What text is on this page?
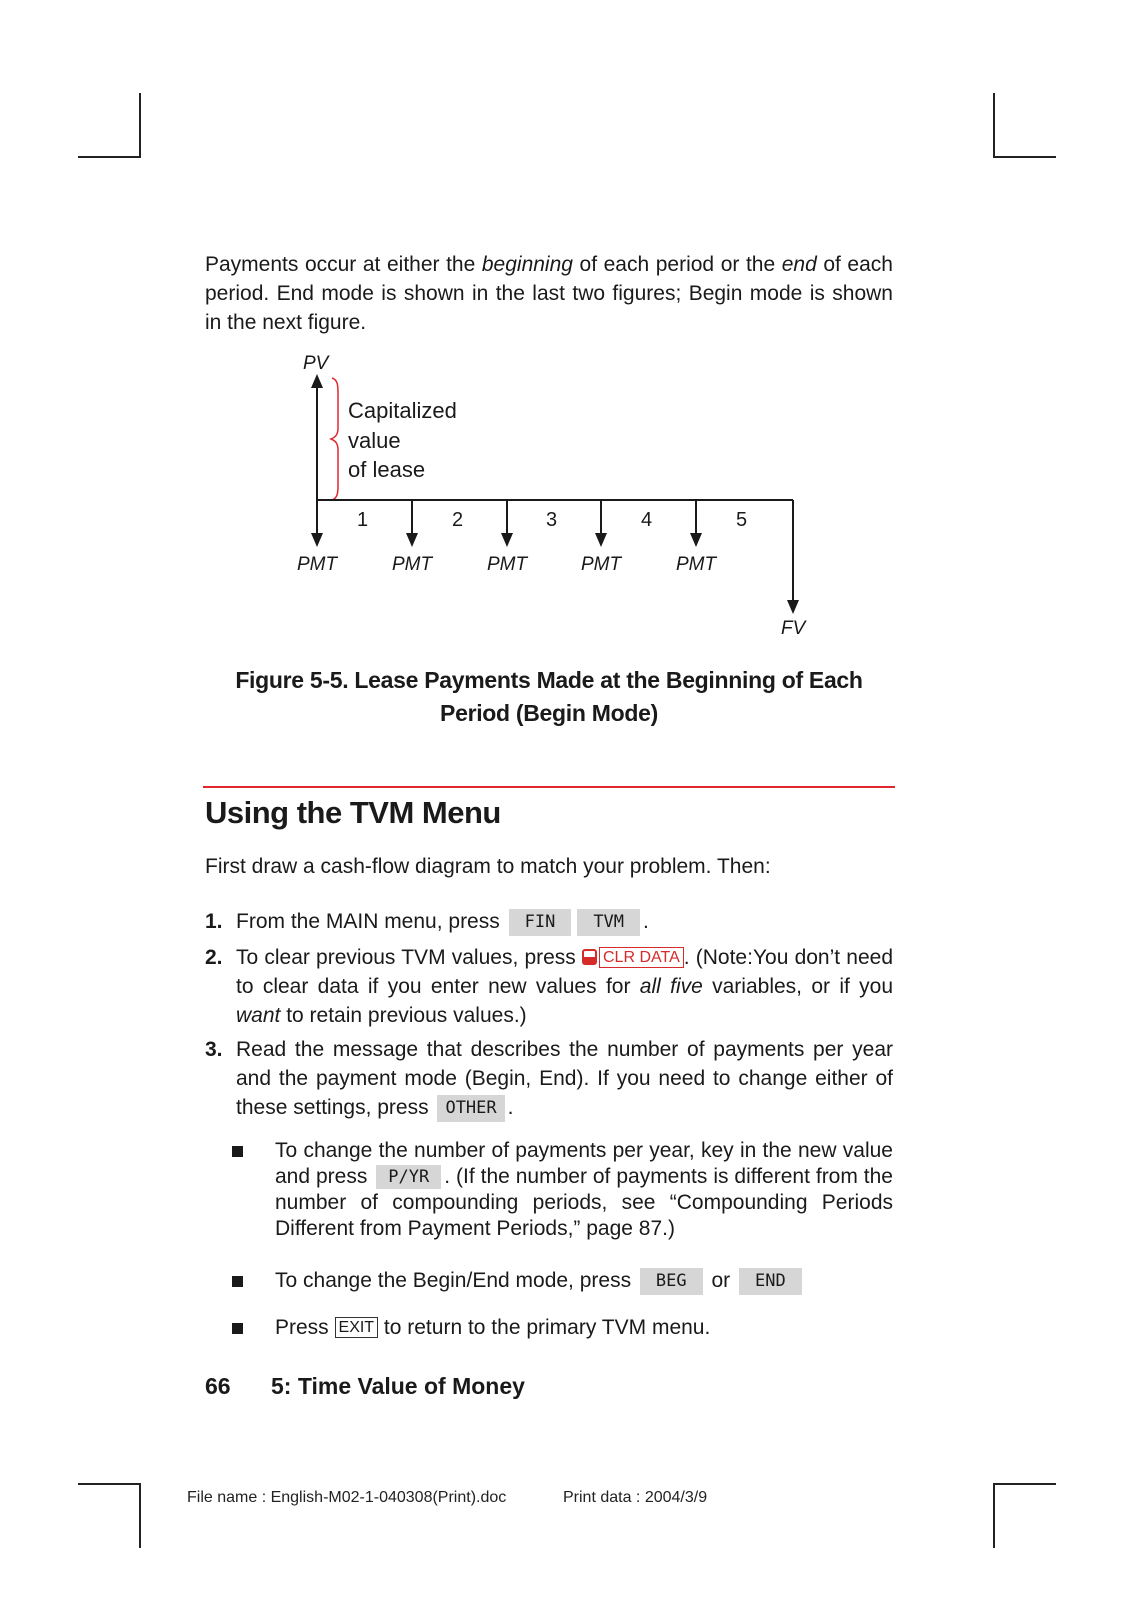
Payments occur at either the beginning of each period or the end of each period. End mode is shown in the last two figures; Begin mode is shown in the next figure.

PV
Capitalized
value
of lease
1	2	3	4	5
PMT	PMT	PMT	PMT	PMT
FV
Figure 5-5. Lease Payments Made at the Beginning of Each
Period (Begin Mode)
Using the TVM Menu

First draw a cash-flow diagram to match your problem. Then:

1. From the MAIN menu, press FIN TVM .
2. To clear previous TVM values, press CLR DATA . (Note:You don’t need to clear data if you enter new values for all five variables, or if you want to retain previous values.)
3. Read the message that describes the number of payments per year and the payment mode (Begin, End). If you need to change either of these settings, press OTHER .
To change the number of payments per year, key in the new value and press P/YR . (If the number of payments is different from the number of compounding periods, see “Compounding Periods Different from Payment Periods,” page 87.)
To change the Begin/End mode, press BEG or END
Press EXIT to return to the primary TVM menu.
66 5: Time Value of Money
File name : English-M02-1-040308(Print).doc	Print data : 2004/3/9
